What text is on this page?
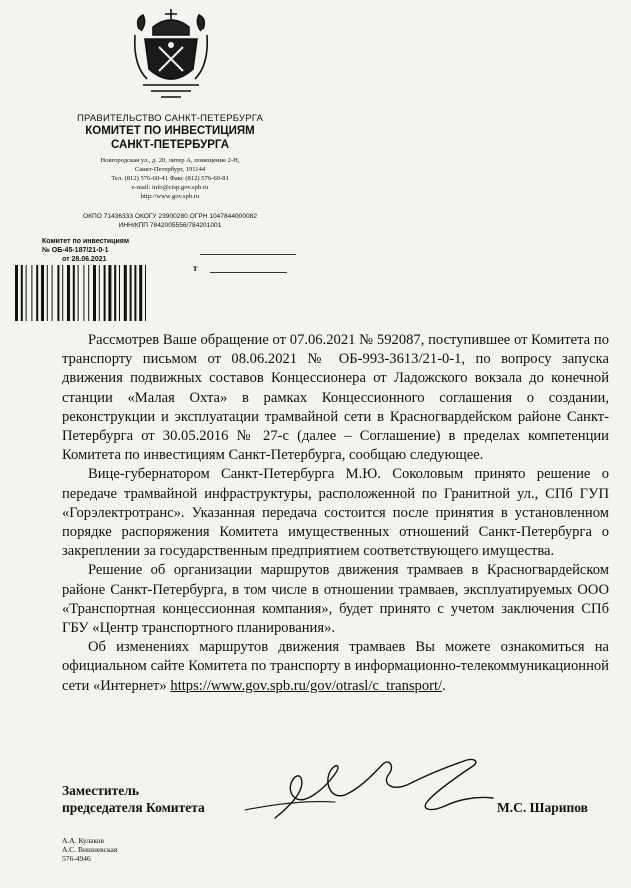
ПРАВИТЕЛЬСТВО САНКТ-ПЕТЕРБУРГА
КОМИТЕТ ПО ИНВЕСТИЦИЯМ
САНКТ-ПЕТЕРБУРГА
Новгородская ул., д. 20, литер А, помещение 2-Н,
Санкт-Петербург, 191144
Тел. (812) 576-60-41 Факс (812) 576-60-81
e-mail: info@cisp.gov.spb.ru
http://www.gov.spb.ru
ОКПО 71436333 ОКОГУ 23900280 ОГРН 1047844000082
ИНН/КПП 7842005556/784201001
Комитет по инвестициям
№ ОБ-45-187/21-0-1
от 28.06.2021
т

Рассмотрев Ваше обращение от 07.06.2021 № 592087, поступившее от Комитета по транспорту письмом от 08.06.2021 № ОБ-993-3613/21-0-1, по вопросу запуска движения подвижных составов Концессионера от Ладожского вокзала до конечной станции «Малая Охта» в рамках Концессионного соглашения о создании, реконструкции и эксплуатации трамвайной сети в Красногвардейском районе Санкт-Петербурга от 30.05.2016 № 27-с (далее – Соглашение) в пределах компетенции Комитета по инвестициям Санкт-Петербурга, сообщаю следующее.

Вице-губернатором Санкт-Петербурга М.Ю. Соколовым принято решение о передаче трамвайной инфраструктуры, расположенной по Гранитной ул., СПб ГУП «Горэлектротранс». Указанная передача состоится после принятия в установленном порядке распоряжения Комитета имущественных отношений Санкт-Петербурга о закреплении за государственным предприятием соответствующего имущества.

Решение об организации маршрутов движения трамваев в Красногвардейском районе Санкт-Петербурга, в том числе в отношении трамваев, эксплуатируемых ООО «Транспортная концессионная компания», будет принято с учетом заключения СПб ГБУ «Центр транспортного планирования».

Об изменениях маршрутов движения трамваев Вы можете ознакомиться на официальном сайте Комитета по транспорту в информационно-телекоммуникационной сети «Интернет» https://www.gov.spb.ru/gov/otrasl/c_transport/.

Заместитель
председателя Комитета	М.С. Шарипов
А.А. Кулаков
А.С. Вишневская
576-4946
